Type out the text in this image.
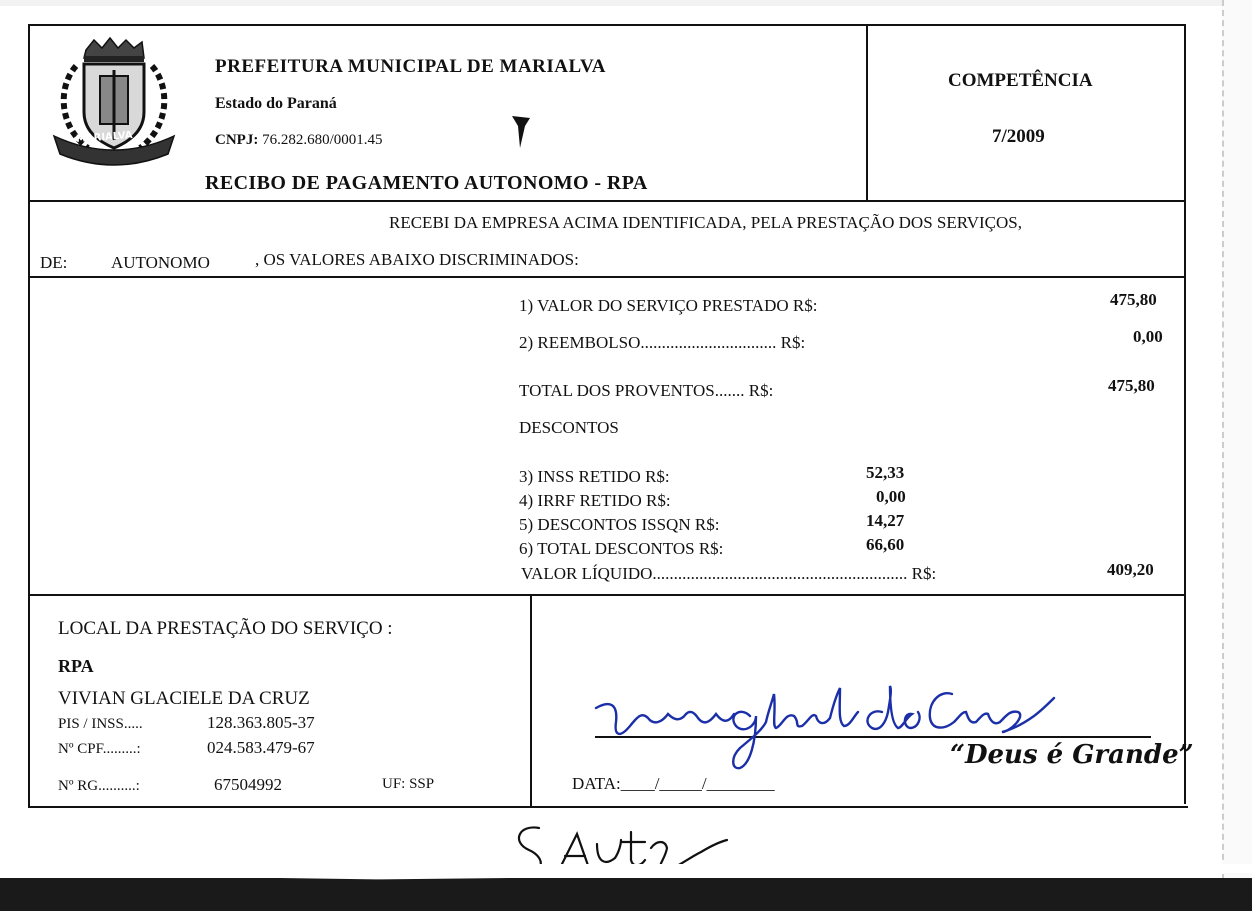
MARIALVA
PREFEITURA MUNICIPAL DE MARIALVA
Estado do Paraná
CNPJ: 76.282.680/0001.45
RECIBO DE PAGAMENTO AUTONOMO - RPA
COMPETÊNCIA
7/2009
RECEBI DA EMPRESA ACIMA IDENTIFICADA, PELA PRESTAÇÃO DOS SERVIÇOS,
DE:	AUTONOMO	, OS VALORES ABAIXO DISCRIMINADOS:
1) VALOR DO SERVIÇO PRESTADO R$:	475,80
2) REEMBOLSO................................ R$:	0,00
TOTAL DOS PROVENTOS....... R$:	475,80
DESCONTOS
3) INSS RETIDO R$:	52,33
4) IRRF RETIDO R$:	0,00
5) DESCONTOS ISSQN R$:	14,27
6) TOTAL DESCONTOS R$:	66,60
VALOR LÍQUIDO............................................................ R$:	409,20
LOCAL DA PRESTAÇÃO DO SERVIÇO :
RPA
VIVIAN GLACIELE DA CRUZ
PIS / INSS.....	128.363.805-37
Nº CPF.........:	024.583.479-67
Nº RG..........:	67504992	UF: SSP
“Deus é Grande”
DATA:____/_____/________
